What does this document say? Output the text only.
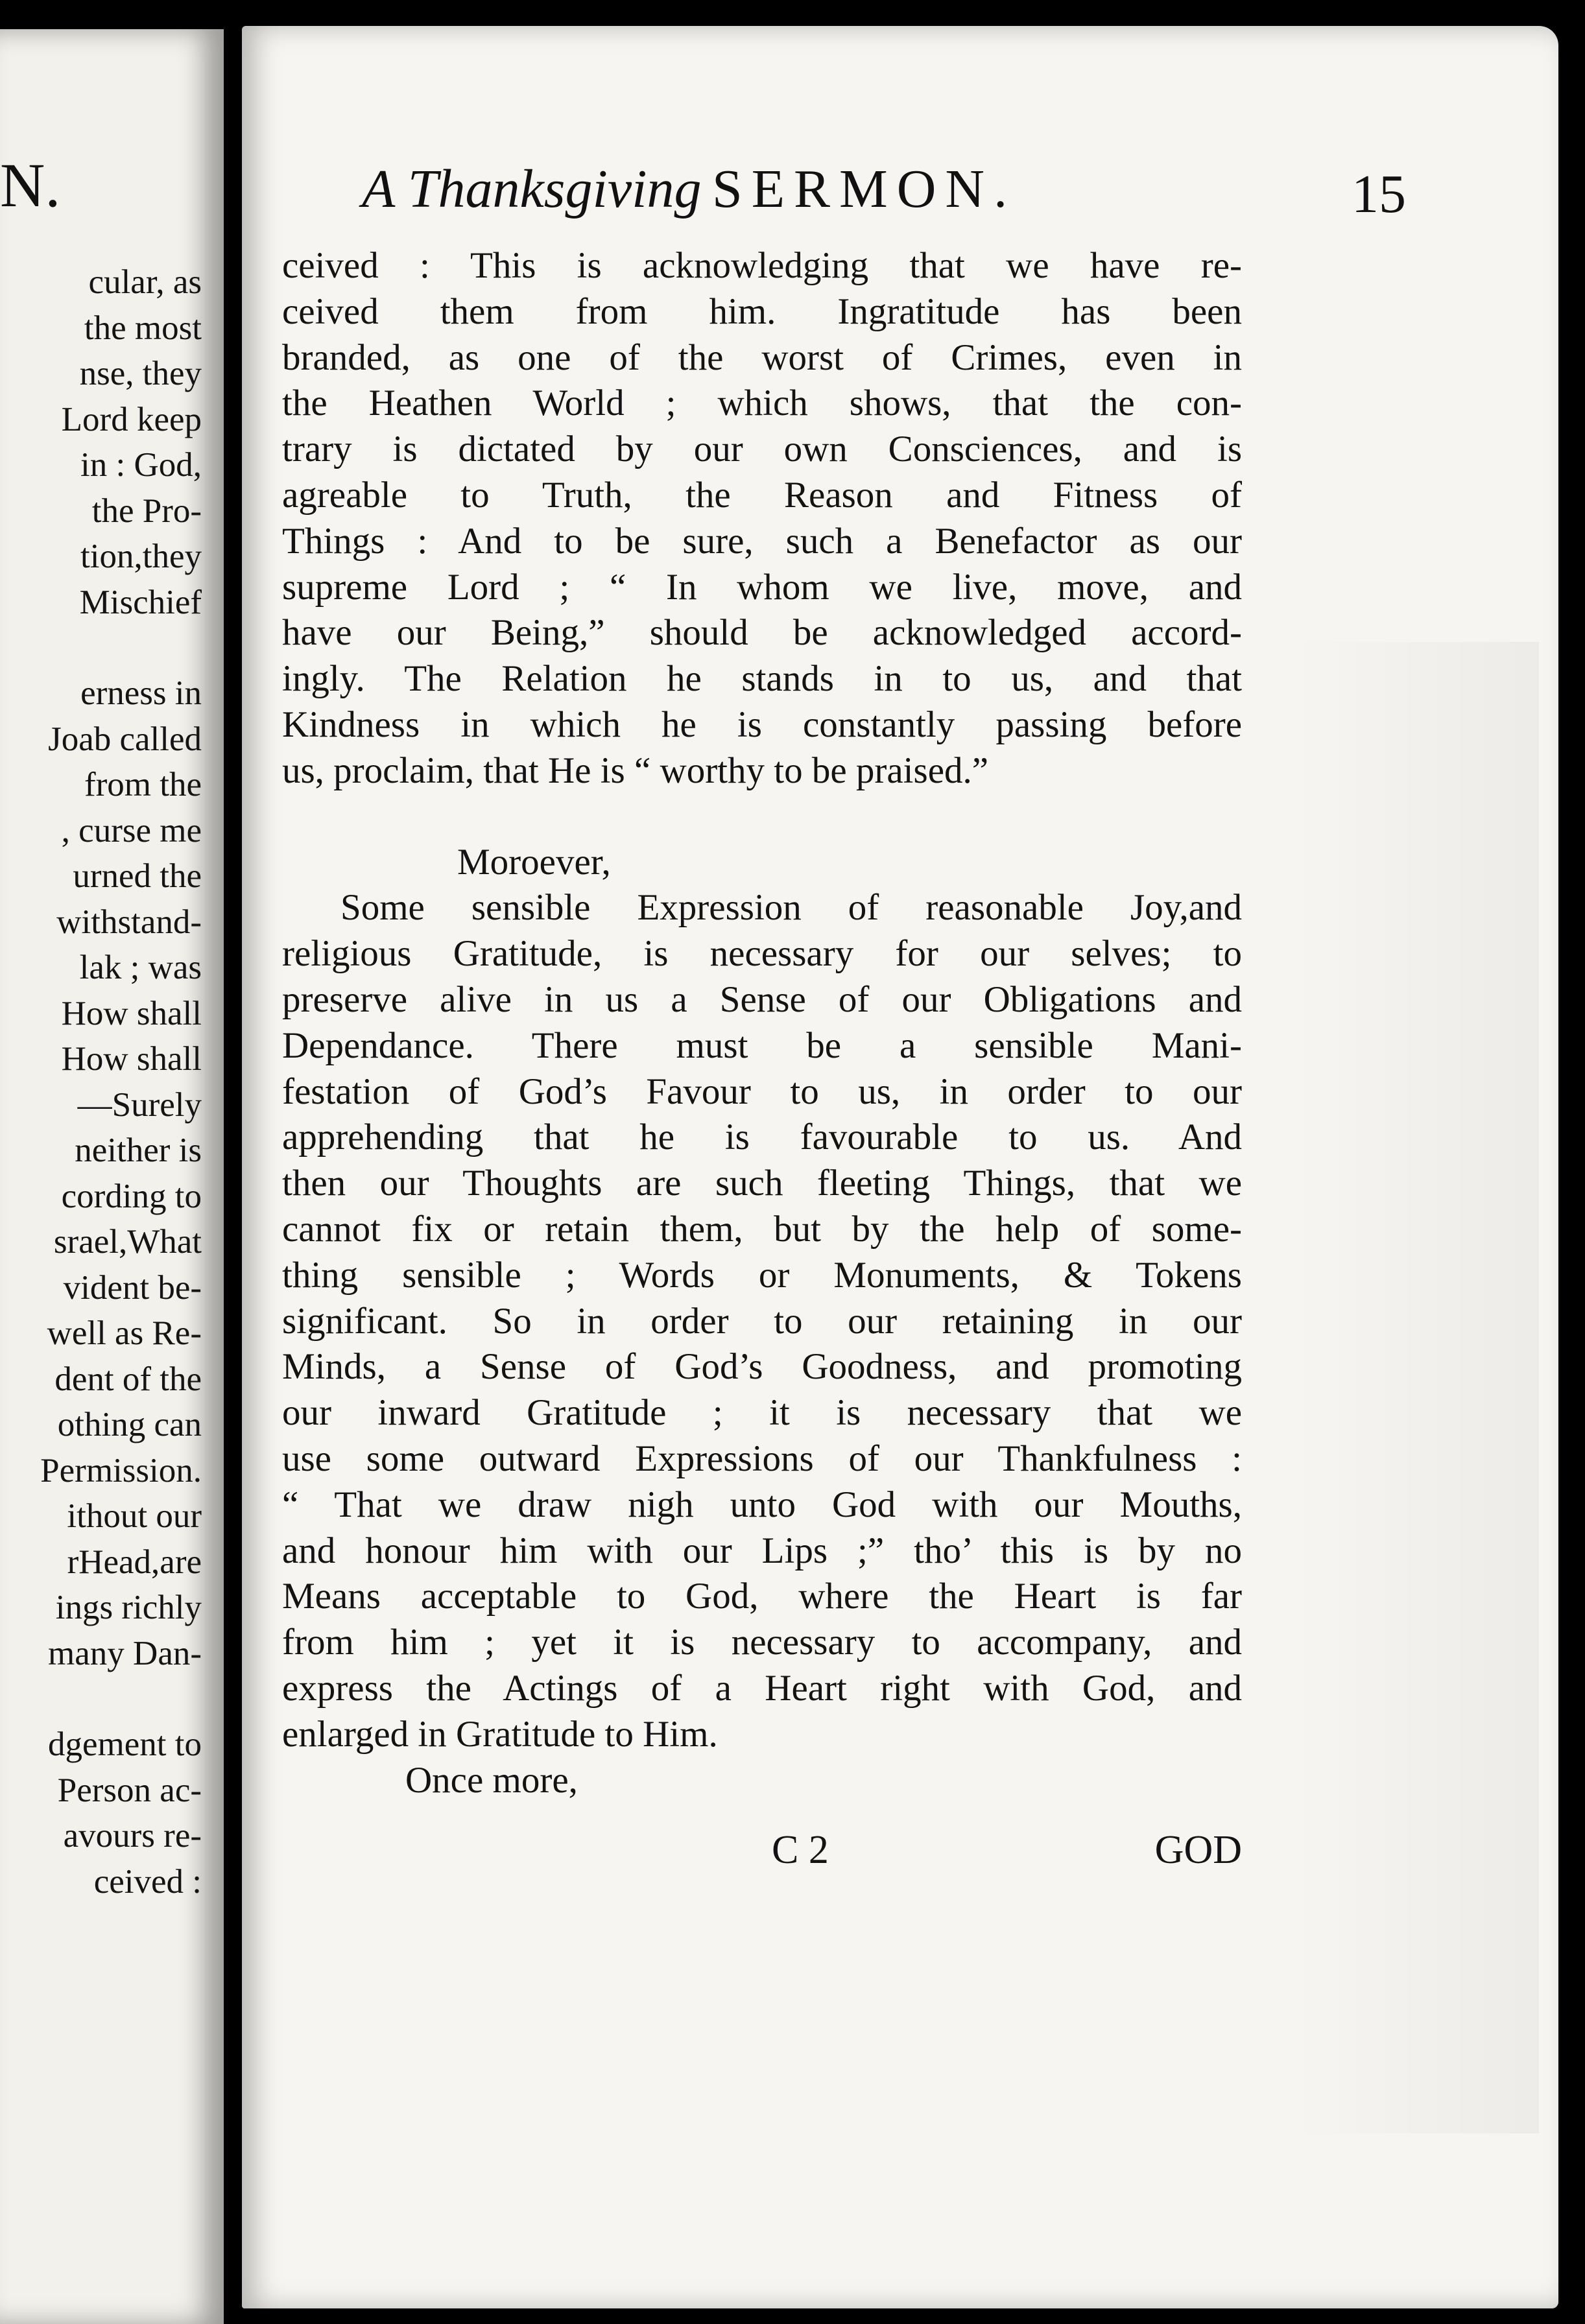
N.
cular, as
the most
nse, they
Lord keep
in : God,
the Pro-
tion,they
Mischief
erness in
Joab called
from the
, curse me
urned the
withstand-
lak ; was
How shall
How shall
—Surely
neither is
cording to
srael,What
vident be-
well as Re-
dent of the
othing can
Permission.
ithout our
rHead,are
ings richly
many Dan-
dgement to
Person ac-
avours re-
ceived :
A Thanksgiving SERMON.	15
ceived : This is acknowledging that we have re-
ceived them from him. Ingratitude has been
branded, as one of the worst of Crimes, even in
the Heathen World ; which shows, that the con-
trary is dictated by our own Consciences, and is
agreable to Truth, the Reason and Fitness of
Things : And to be sure, such a Benefactor as our
supreme Lord ; “ In whom we live, move, and
have our Being,” should be acknowledged accord-
ingly. The Relation he stands in to us, and that
Kindness in which he is constantly passing before
us, proclaim, that He is “ worthy to be praised.”
Moroever,
Some sensible Expression of reasonable Joy,and
religious Gratitude, is necessary for our selves; to
preserve alive in us a Sense of our Obligations and
Dependance. There must be a sensible Mani-
festation of God’s Favour to us, in order to our
apprehending that he is favourable to us. And
then our Thoughts are such fleeting Things, that we
cannot fix or retain them, but by the help of some-
thing sensible ; Words or Monuments, & Tokens
significant. So in order to our retaining in our
Minds, a Sense of God’s Goodness, and promoting
our inward Gratitude ; it is necessary that we
use some outward Expressions of our Thankfulness :
“ That we draw nigh unto God with our Mouths,
and honour him with our Lips ;” tho’ this is by no
Means acceptable to God, where the Heart is far
from him ; yet it is necessary to accompany, and
express the Actings of a Heart right with God, and
enlarged in Gratitude to Him.
Once more,
C 2	GOD
